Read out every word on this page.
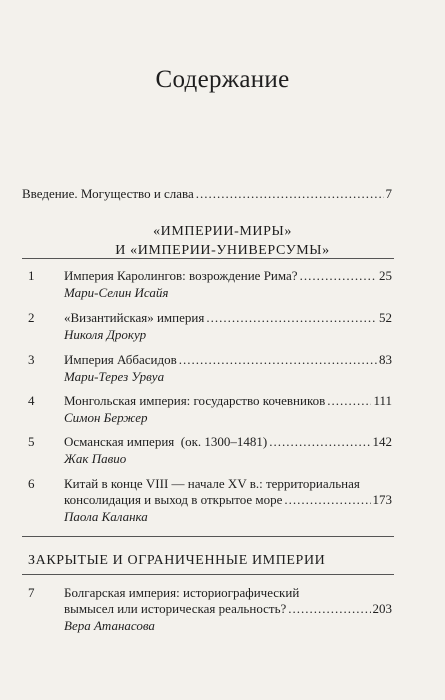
Содержание
Введение. Могущество и слава .....	7
«ИМПЕРИИ-МИРЫ»
И «ИМПЕРИИ-УНИВЕРСУМЫ»
1	Империя Каролингов: возрождение Рима? .....	25
Мари-Селин Исайя
2	«Византийская» империя .....	52
Николя Дрокур
3	Империя Аббасидов .....	83
Мари-Терез Урвуа
4	Монгольская империя: государство кочевников .....	111
Симон Бержер
5	Османская империя  (ок. 1300–1481) .....	142
Жак Павио
6	Китай в конце VIII — начале XV в.: территориальная
консолидация и выход в открытое море .....	173
Паола Каланка
ЗАКРЫТЫЕ И ОГРАНИЧЕННЫЕ ИМПЕРИИ
7	Болгарская империя: историографический
вымысел или историческая реальность? .....	203
Вера Атанасова
